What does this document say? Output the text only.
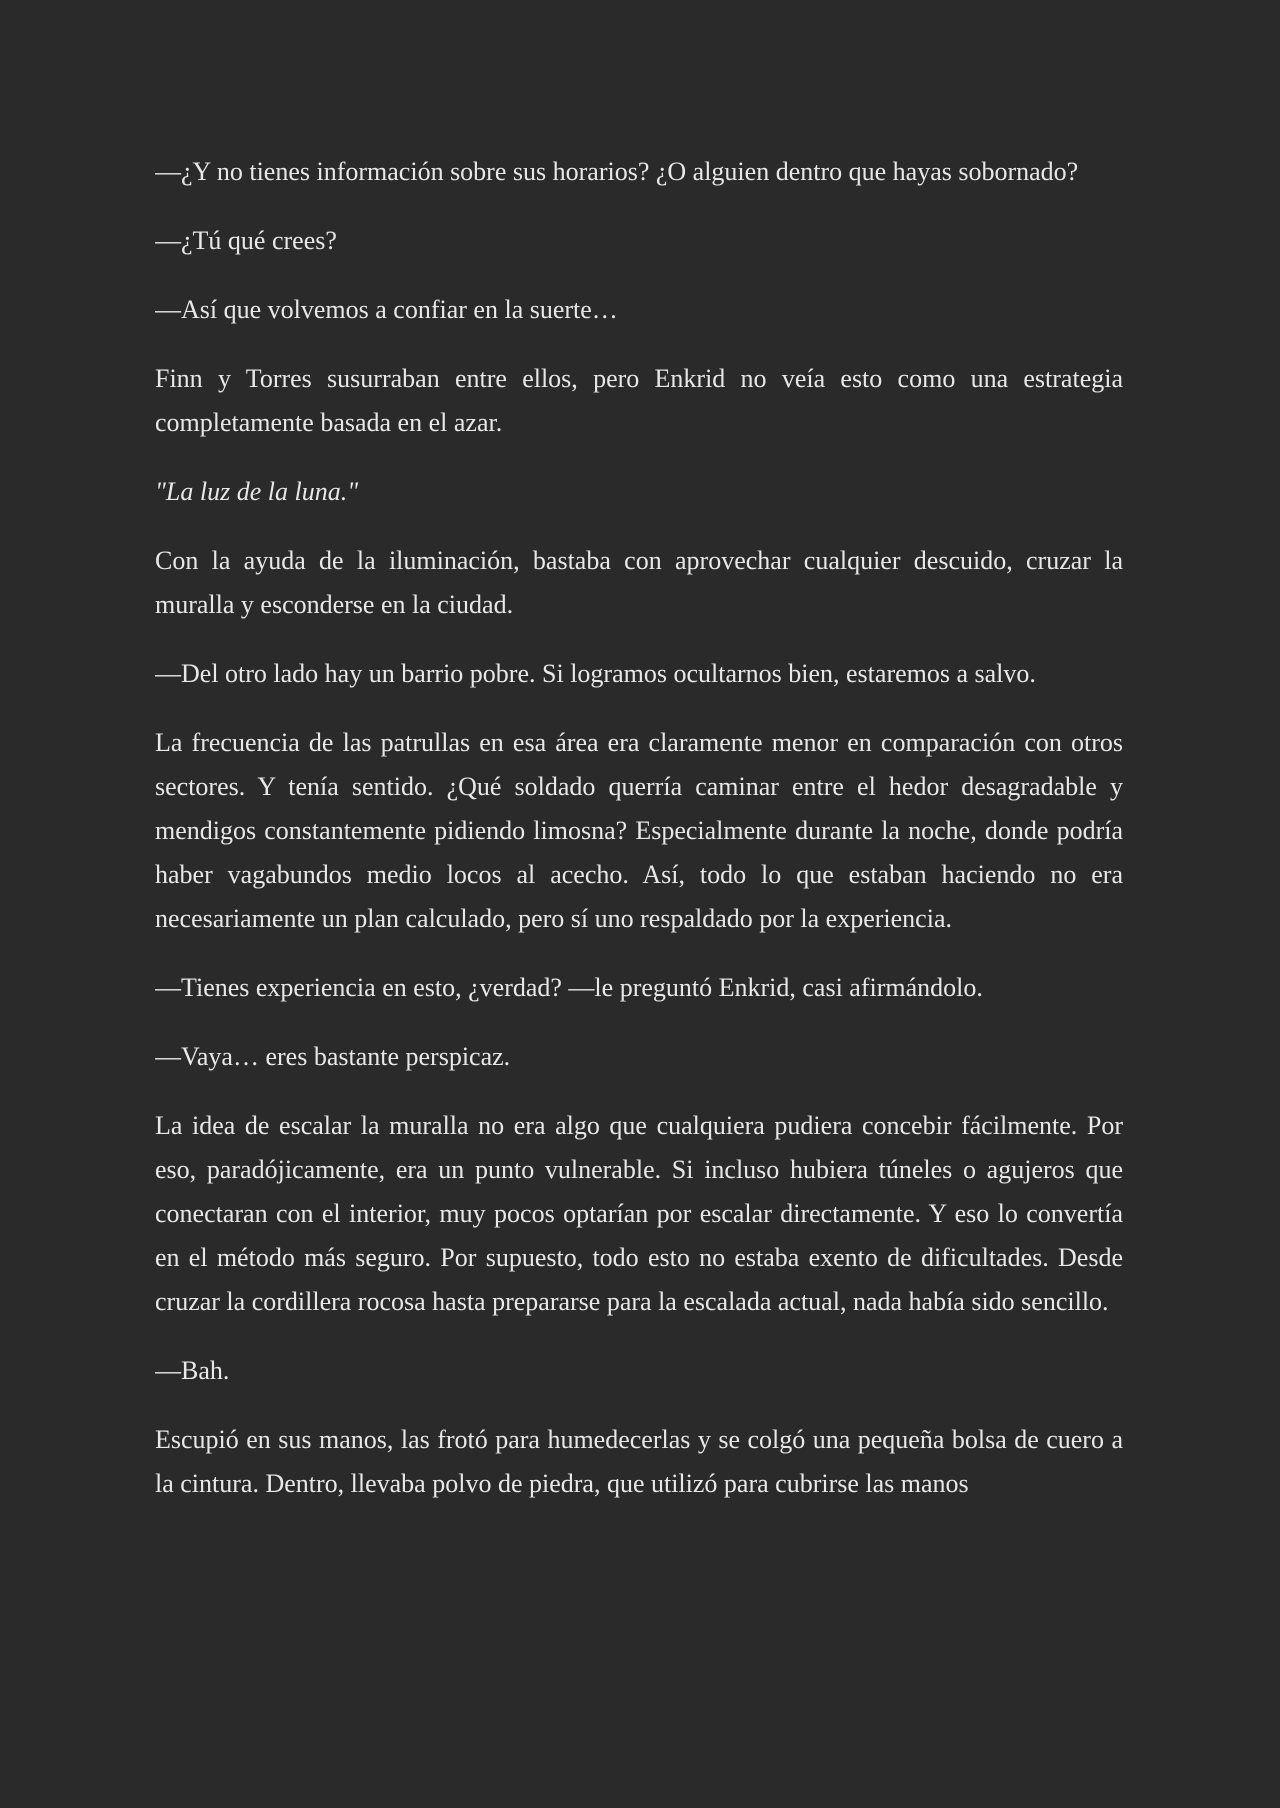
—¿Y no tienes información sobre sus horarios? ¿O alguien dentro que hayas sobornado?

—¿Tú qué crees?

—Así que volvemos a confiar en la suerte…

Finn y Torres susurraban entre ellos, pero Enkrid no veía esto como una estrategia completamente basada en el azar.

"La luz de la luna."

Con la ayuda de la iluminación, bastaba con aprovechar cualquier descuido, cruzar la muralla y esconderse en la ciudad.

—Del otro lado hay un barrio pobre. Si logramos ocultarnos bien, estaremos a salvo.

La frecuencia de las patrullas en esa área era claramente menor en comparación con otros sectores. Y tenía sentido. ¿Qué soldado querría caminar entre el hedor desagradable y mendigos constantemente pidiendo limosna? Especialmente durante la noche, donde podría haber vagabundos medio locos al acecho. Así, todo lo que estaban haciendo no era necesariamente un plan calculado, pero sí uno respaldado por la experiencia.

—Tienes experiencia en esto, ¿verdad? —le preguntó Enkrid, casi afirmándolo.

—Vaya… eres bastante perspicaz.

La idea de escalar la muralla no era algo que cualquiera pudiera concebir fácilmente. Por eso, paradójicamente, era un punto vulnerable. Si incluso hubiera túneles o agujeros que conectaran con el interior, muy pocos optarían por escalar directamente. Y eso lo convertía en el método más seguro. Por supuesto, todo esto no estaba exento de dificultades. Desde cruzar la cordillera rocosa hasta prepararse para la escalada actual, nada había sido sencillo.

—Bah.

Escupió en sus manos, las frotó para humedecerlas y se colgó una pequeña bolsa de cuero a la cintura. Dentro, llevaba polvo de piedra, que utilizó para cubrirse las manos
